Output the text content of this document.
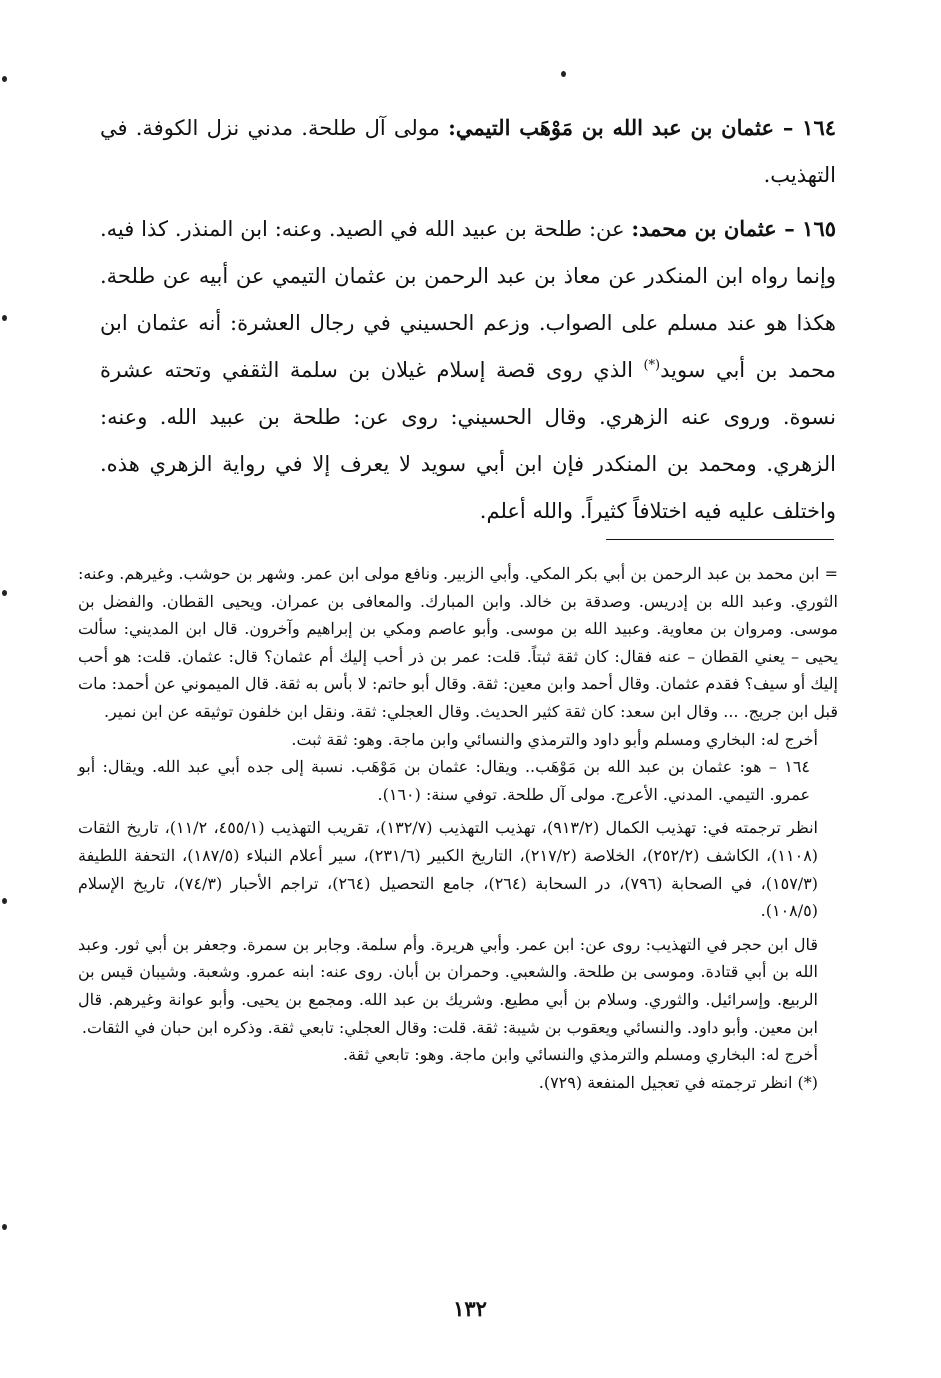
١٦٤ – عثمان بن عبد الله بن مَوْهَب التيمي: مولى آل طلحة. مدني نزل الكوفة. في التهذيب.

١٦٥ – عثمان بن محمد: عن: طلحة بن عبيد الله في الصيد. وعنه: ابن المنذر. كذا فيه. وإنما رواه ابن المنكدر عن معاذ بن عبد الرحمن بن عثمان التيمي عن أبيه عن طلحة. هكذا هو عند مسلم على الصواب. وزعم الحسيني في رجال العشرة: أنه عثمان ابن محمد بن أبي سويد(*) الذي روى قصة إسلام غيلان بن سلمة الثقفي وتحته عشرة نسوة. وروى عنه الزهري. وقال الحسيني: روى عن: طلحة بن عبيد الله. وعنه: الزهري. ومحمد بن المنكدر فإن ابن أبي سويد لا يعرف إلا في رواية الزهري هذه. واختلف عليه فيه اختلافاً كثيراً. والله أعلم.

= ابن محمد بن عبد الرحمن بن أبي بكر المكي. وأبي الزبير. ونافع مولى ابن عمر. وشهر بن حوشب. وغيرهم. وعنه: الثوري. وعبد الله بن إدريس. وصدقة بن خالد. وابن المبارك. والمعافى بن عمران. ويحيى القطان. والفضل بن موسى. ومروان بن معاوية. وعبيد الله بن موسى. وأبو عاصم ومكي بن إبراهيم وآخرون. قال ابن المديني: سألت يحيى – يعني القطان – عنه فقال: كان ثقة ثبتاً. قلت: عمر بن ذر أحب إليك أم عثمان؟ قال: عثمان. قلت: هو أحب إليك أو سيف؟ فقدم عثمان. وقال أحمد وابن معين: ثقة. وقال أبو حاتم: لا بأس به ثقة. قال الميموني عن أحمد: مات قبل ابن جريج. ... وقال ابن سعد: كان ثقة كثير الحديث. وقال العجلي: ثقة. ونقل ابن خلفون توثيقه عن ابن نمير.

أخرج له: البخاري ومسلم وأبو داود والترمذي والنسائي وابن ماجة. وهو: ثقة ثبت.

١٦٤ – هو: عثمان بن عبد الله بن مَوْهَب.. ويقال: عثمان بن مَوْهَب. نسبة إلى جده أبي عبد الله. ويقال: أبو عمرو. التيمي. المدني. الأعرج. مولى آل طلحة. توفي سنة: (١٦٠).

انظر ترجمته في: تهذيب الكمال (٩١٣/٢)، تهذيب التهذيب (١٣٢/٧)، تقريب التهذيب (٤٥٥/١، ١١/٢)، تاريخ الثقات (١١٠٨)، الكاشف (٢٥٢/٢)، الخلاصة (٢١٧/٢)، التاريخ الكبير (٢٣١/٦)، سير أعلام النبلاء (١٨٧/٥)، التحفة اللطيفة (١٥٧/٣)، في الصحابة (٧٩٦)، در السحابة (٢٦٤)، جامع التحصيل (٢٦٤)، تراجم الأحبار (٧٤/٣)، تاريخ الإسلام (١٠٨/٥).

قال ابن حجر في التهذيب: روى عن: ابن عمر. وأبي هريرة. وأم سلمة. وجابر بن سمرة. وجعفر بن أبي ثور. وعبد الله بن أبي قتادة. وموسى بن طلحة. والشعبي. وحمران بن أبان. روى عنه: ابنه عمرو. وشعبة. وشيبان قيس بن الربيع. وإسرائيل. والثوري. وسلام بن أبي مطيع. وشريك بن عبد الله. ومجمع بن يحيى. وأبو عوانة وغيرهم. قال ابن معين. وأبو داود. والنسائي ويعقوب بن شيبة: ثقة. قلت: وقال العجلي: تابعي ثقة. وذكره ابن حبان في الثقات.

أخرج له: البخاري ومسلم والترمذي والنسائي وابن ماجة. وهو: تابعي ثقة.

(*) انظر ترجمته في تعجيل المنفعة (٧٢٩).

١٣٢
